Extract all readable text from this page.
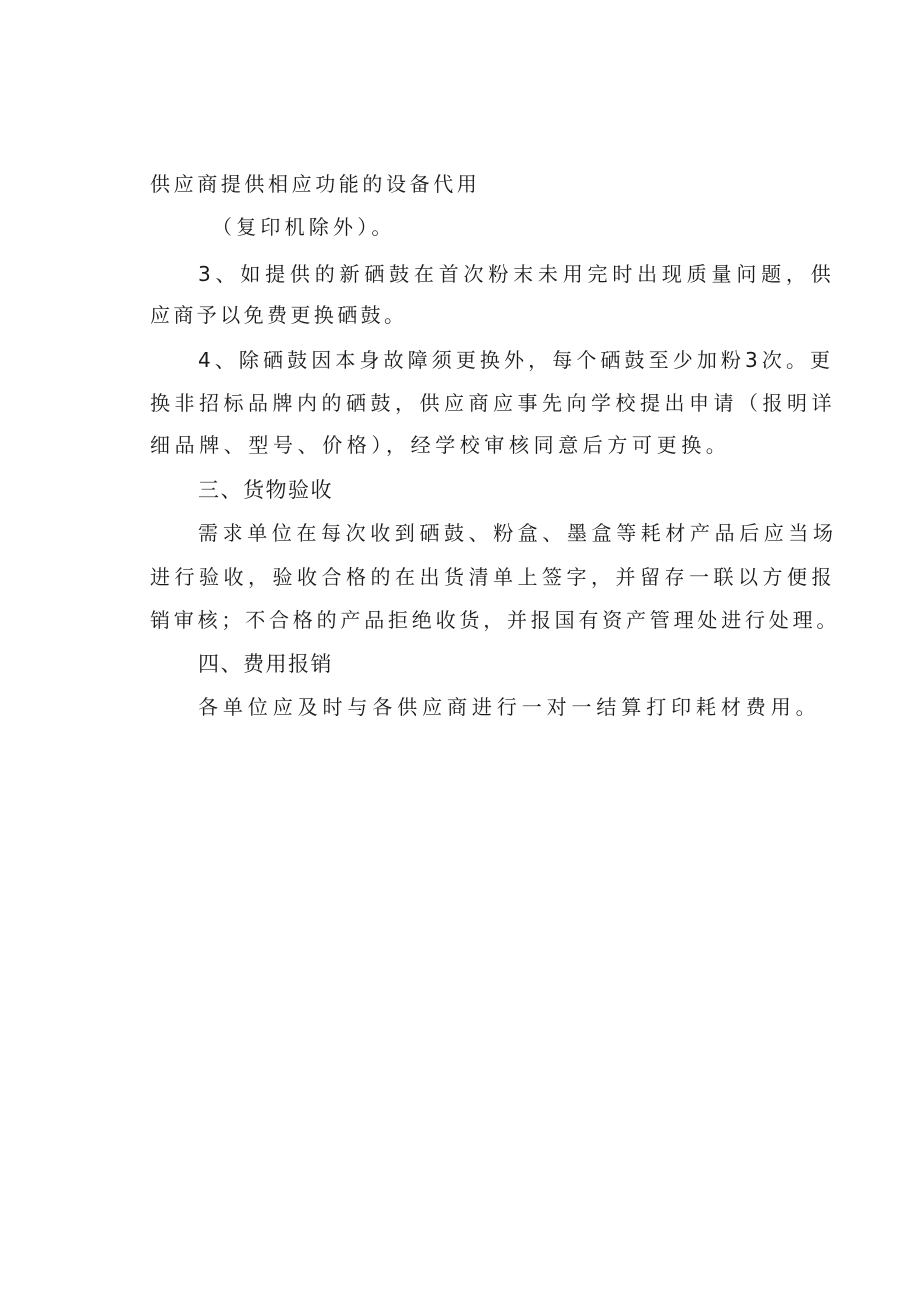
供应商提供相应功能的设备代用
（复印机除外）。
3、如提供的新硒鼓在首次粉末未用完时出现质量问题，供
应商予以免费更换硒鼓。
4、除硒鼓因本身故障须更换外，每个硒鼓至少加粉3次。更
换非招标品牌内的硒鼓，供应商应事先向学校提出申请（报明详
细品牌、型号、价格），经学校审核同意后方可更换。
三、货物验收
需求单位在每次收到硒鼓、粉盒、墨盒等耗材产品后应当场
进行验收，验收合格的在出货清单上签字，并留存一联以方便报
销审核；不合格的产品拒绝收货，并报国有资产管理处进行处理。
四、费用报销
各单位应及时与各供应商进行一对一结算打印耗材费用。
